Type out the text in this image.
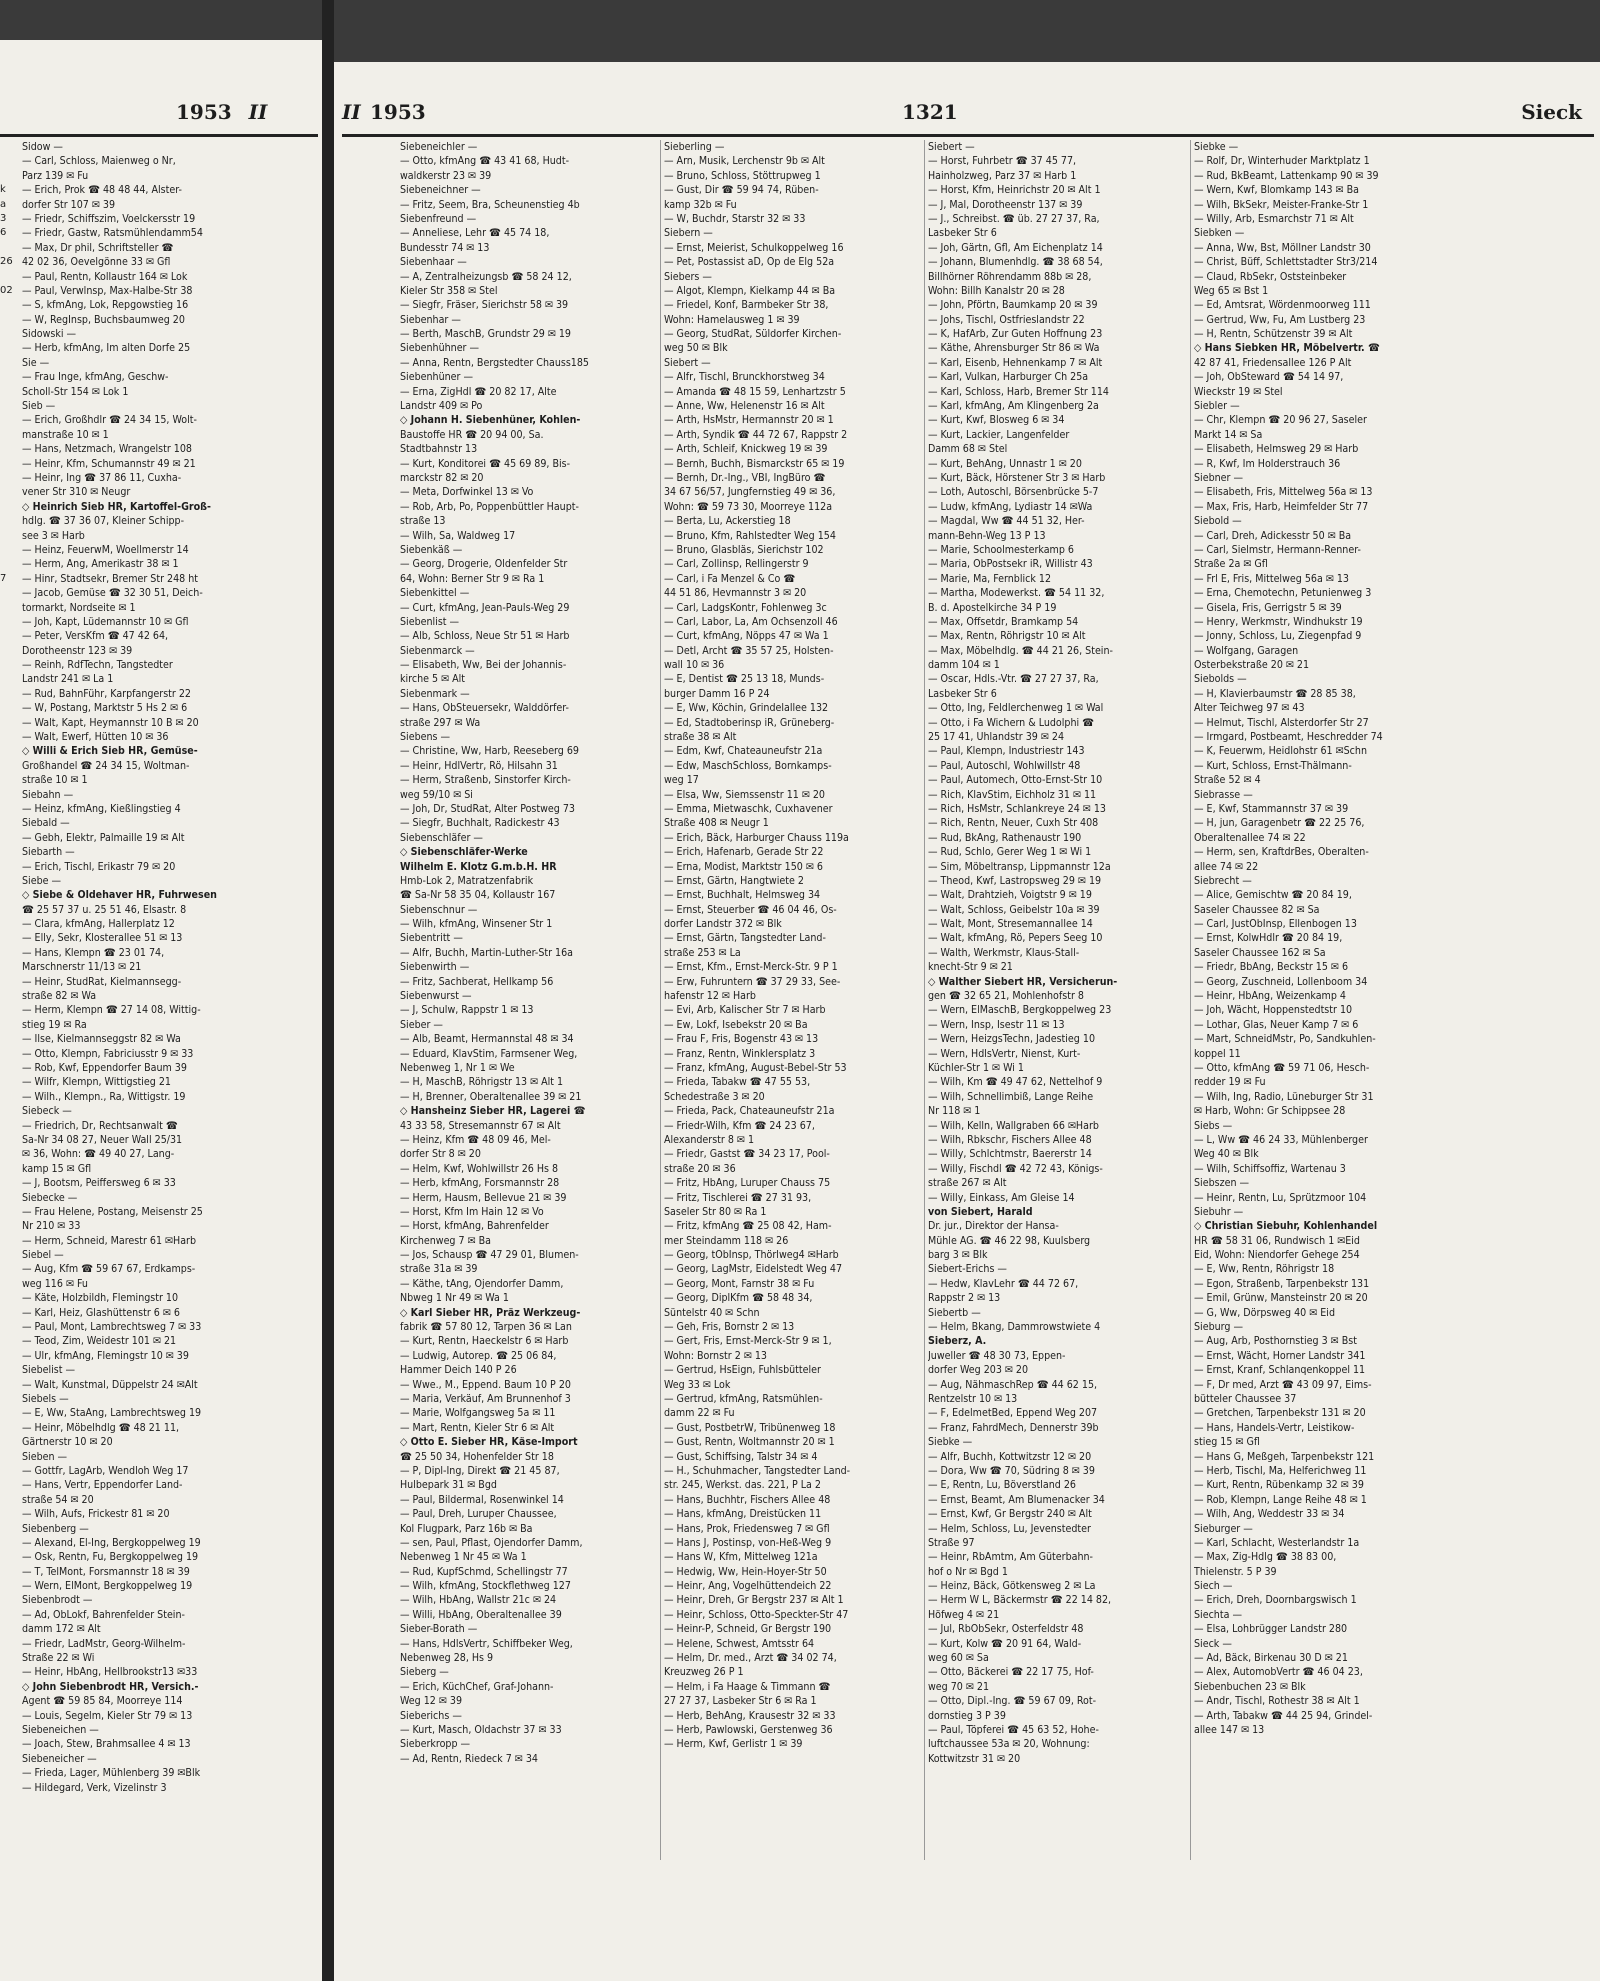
1953 II	II 1953	1321	Sieck
k
a
3
6
26
02
7
Sidow —
— Carl, Schloss, Maienweg o Nr,
Parz 139 ✉ Fu
— Erich, Prok ☎ 48 48 44, Alster-
dorfer Str 107 ✉ 39
— Friedr, Schiffszim, Voelckersstr 19
— Friedr, Gastw, Ratsmühlendamm54
— Max, Dr phil, Schriftsteller ☎
42 02 36, Oevelgönne 33 ✉ Gfl
— Paul, Rentn, Kollaustr 164 ✉ Lok
— Paul, Verwlnsp, Max-Halbe-Str 38
— S, kfmAng, Lok, Repgowstieg 16
— W, RegInsp, Buchsbaumweg 20
Sidowski —
— Herb, kfmAng, Im alten Dorfe 25
Sie —
— Frau Inge, kfmAng, Geschw-
Scholl-Str 154 ✉ Lok 1
Sieb —
— Erich, Großhdlr ☎ 24 34 15, Wolt-
manstraße 10 ✉ 1
— Hans, Netzmach, Wrangelstr 108
— Heinr, Kfm, Schumannstr 49 ✉ 21
— Heinr, Ing ☎ 37 86 11, Cuxha-
vener Str 310 ✉ Neugr
◇ Heinrich Sieb HR, Kartoffel-Groß-
hdlg. ☎ 37 36 07, Kleiner Schipp-
see 3 ✉ Harb
— Heinz, FeuerwM, Woellmerstr 14
— Herm, Ang, Amerikastr 38 ✉ 1
— Hinr, Stadtsekr, Bremer Str 248 ht
— Jacob, Gemüse ☎ 32 30 51, Deich-
tormarkt, Nordseite ✉ 1
— Joh, Kapt, Lüdemannstr 10 ✉ Gfl
— Peter, VersKfm ☎ 47 42 64,
Dorotheenstr 123 ✉ 39
— Reinh, RdfTechn, Tangstedter
Landstr 241 ✉ La 1
— Rud, BahnFühr, Karpfangerstr 22
— W, Postang, Marktstr 5 Hs 2 ✉ 6
— Walt, Kapt, Heymannstr 10 B ✉ 20
— Walt, Ewerf, Hütten 10 ✉ 36
◇ Willi & Erich Sieb HR, Gemüse-
Großhandel ☎ 24 34 15, Woltman-
straße 10 ✉ 1
Siebahn —
— Heinz, kfmAng, Kießlingstieg 4
Siebald —
— Gebh, Elektr, Palmaille 19 ✉ Alt
Siebarth —
— Erich, Tischl, Erikastr 79 ✉ 20
Siebe —
◇ Siebe & Oldehaver HR, Fuhrwesen
☎ 25 57 37 u. 25 51 46, Elsastr. 8
— Clara, kfmAng, Hallerplatz 12
— Elly, Sekr, Klosterallee 51 ✉ 13
— Hans, Klempn ☎ 23 01 74,
Marschnerstr 11/13 ✉ 21
— Heinr, StudRat, Kielmannsegg-
straße 82 ✉ Wa
— Herm, Klempn ☎ 27 14 08, Wittig-
stieg 19 ✉ Ra
— Ilse, Kielmannseggstr 82 ✉ Wa
— Otto, Klempn, Fabriciusstr 9 ✉ 33
— Rob, Kwf, Eppendorfer Baum 39
— Wilfr, Klempn, Wittigstieg 21
— Wilh., Klempn., Ra, Wittigstr. 19
Siebeck —
— Friedrich, Dr, Rechtsanwalt ☎
Sa-Nr 34 08 27, Neuer Wall 25/31
✉ 36, Wohn: ☎ 49 40 27, Lang-
kamp 15 ✉ Gfl
— J, Bootsm, Peiffersweg 6 ✉ 33
Siebecke —
— Frau Helene, Postang, Meisenstr 25
Nr 210 ✉ 33
— Herm, Schneid, Marestr 61 ✉Harb
Siebel —
— Aug, Kfm ☎ 59 67 67, Erdkamps-
weg 116 ✉ Fu
— Käte, Holzbildh, Flemingstr 10
— Karl, Heiz, Glashüttenstr 6 ✉ 6
— Paul, Mont, Lambrechtsweg 7 ✉ 33
— Teod, Zim, Weidestr 101 ✉ 21
— Ulr, kfmAng, Flemingstr 10 ✉ 39
Siebelist —
— Walt, Kunstmal, Düppelstr 24 ✉Alt
Siebels —
— E, Ww, StaAng, Lambrechtsweg 19
— Heinr, Möbelhdlg ☎ 48 21 11,
Gärtnerstr 10 ✉ 20
Sieben —
— Gottfr, LagArb, Wendloh Weg 17
— Hans, Vertr, Eppendorfer Land-
straße 54 ✉ 20
— Wilh, Aufs, Frickestr 81 ✉ 20
Siebenberg —
— Alexand, El-Ing, Bergkoppelweg 19
— Osk, Rentn, Fu, Bergkoppelweg 19
— T, TelMont, Forsmannstr 18 ✉ 39
— Wern, ElMont, Bergkoppelweg 19
Siebenbrodt —
— Ad, ObLokf, Bahrenfelder Stein-
damm 172 ✉ Alt
— Friedr, LadMstr, Georg-Wilhelm-
Straße 22 ✉ Wi
— Heinr, HbAng, Hellbrookstr13 ✉33
◇ John Siebenbrodt HR, Versich.-
Agent ☎ 59 85 84, Moorreye 114
— Louis, Segelm, Kieler Str 79 ✉ 13
Siebeneichen —
— Joach, Stew, Brahmsallee 4 ✉ 13
Siebeneicher —
— Frieda, Lager, Mühlenberg 39 ✉Blk
— Hildegard, Verk, Vizelinstr 3
Siebeneichler —
— Otto, kfmAng ☎ 43 41 68, Hudt-
waldkerstr 23 ✉ 39
Siebeneichner —
— Fritz, Seem, Bra, Scheunenstieg 4b
Siebenfreund —
— Anneliese, Lehr ☎ 45 74 18,
Bundesstr 74 ✉ 13
Siebenhaar —
— A, Zentralheizungsb ☎ 58 24 12,
Kieler Str 358 ✉ Stel
— Siegfr, Fräser, Sierichstr 58 ✉ 39
Siebenhar —
— Berth, MaschB, Grundstr 29 ✉ 19
Siebenhühner —
— Anna, Rentn, Bergstedter Chauss185
Siebenhüner —
— Erna, ZigHdl ☎ 20 82 17, Alte
Landstr 409 ✉ Po
◇ Johann H. Siebenhüner, Kohlen-
Baustoffe HR ☎ 20 94 00, Sa.
Stadtbahnstr 13
— Kurt, Konditorei ☎ 45 69 89, Bis-
marckstr 82 ✉ 20
— Meta, Dorfwinkel 13 ✉ Vo
— Rob, Arb, Po, Poppenbüttler Haupt-
straße 13
— Wilh, Sa, Waldweg 17
Siebenkäß —
— Georg, Drogerie, Oldenfelder Str
64, Wohn: Berner Str 9 ✉ Ra 1
Siebenkittel —
— Curt, kfmAng, Jean-Pauls-Weg 29
Siebenlist —
— Alb, Schloss, Neue Str 51 ✉ Harb
Siebenmarck —
— Elisabeth, Ww, Bei der Johannis-
kirche 5 ✉ Alt
Siebenmark —
— Hans, ObSteuersekr, Walddörfer-
straße 297 ✉ Wa
Siebens —
— Christine, Ww, Harb, Reeseberg 69
— Heinr, HdlVertr, Rö, Hilsahn 31
— Herm, Straßenb, Sinstorfer Kirch-
weg 59/10 ✉ Si
— Joh, Dr, StudRat, Alter Postweg 73
— Siegfr, Buchhalt, Radickestr 43
Siebenschläfer —
◇ Siebenschläfer-Werke
Wilhelm E. Klotz G.m.b.H. HR
Hmb-Lok 2, Matratzenfabrik
☎ Sa-Nr 58 35 04, Kollaustr 167
Siebenschnur —
— Wilh, kfmAng, Winsener Str 1
Siebentritt —
— Alfr, Buchh, Martin-Luther-Str 16a
Siebenwirth —
— Fritz, Sachberat, Hellkamp 56
Siebenwurst —
— J, Schulw, Rappstr 1 ✉ 13
Sieber —
— Alb, Beamt, Hermannstal 48 ✉ 34
— Eduard, KlavStim, Farmsener Weg,
Nebenweg 1, Nr 1 ✉ We
— H, MaschB, Röhrigstr 13 ✉ Alt 1
— H, Brenner, Oberaltenallee 39 ✉ 21
◇ Hansheinz Sieber HR, Lagerei ☎
43 33 58, Stresemannstr 67 ✉ Alt
— Heinz, Kfm ☎ 48 09 46, Mel-
dorfer Str 8 ✉ 20
— Helm, Kwf, Wohlwillstr 26 Hs 8
— Herb, kfmAng, Forsmannstr 28
— Herm, Hausm, Bellevue 21 ✉ 39
— Horst, Kfm Im Hain 12 ✉ Vo
— Horst, kfmAng, Bahrenfelder
Kirchenweg 7 ✉ Ba
— Jos, Schausp ☎ 47 29 01, Blumen-
straße 31a ✉ 39
— Käthe, tAng, Ojendorfer Damm,
Nbweg 1 Nr 49 ✉ Wa 1
◇ Karl Sieber HR, Präz Werkzeug-
fabrik ☎ 57 80 12, Tarpen 36 ✉ Lan
— Kurt, Rentn, Haeckelstr 6 ✉ Harb
— Ludwig, Autorep. ☎ 25 06 84,
Hammer Deich 140 P 26
— Wwe., M., Eppend. Baum 10 P 20
— Maria, Verkäuf, Am Brunnenhof 3
— Marie, Wolfgangsweg 5a ✉ 11
— Mart, Rentn, Kieler Str 6 ✉ Alt
◇ Otto E. Sieber HR, Käse-Import
☎ 25 50 34, Hohenfelder Str 18
— P, Dipl-Ing, Direkt ☎ 21 45 87,
Hulbepark 31 ✉ Bgd
— Paul, Bildermal, Rosenwinkel 14
— Paul, Dreh, Luruper Chaussee,
Kol Flugpark, Parz 16b ✉ Ba
— sen, Paul, Pflast, Ojendorfer Damm,
Nebenweg 1 Nr 45 ✉ Wa 1
— Rud, KupfSchmd, Schellingstr 77
— Wilh, kfmAng, Stockflethweg 127
— Wilh, HbAng, Wallstr 21c ✉ 24
— Willi, HbAng, Oberaltenallee 39
Sieber-Borath —
— Hans, HdlsVertr, Schiffbeker Weg,
Nebenweg 28, Hs 9
Sieberg —
— Erich, KüchChef, Graf-Johann-
Weg 12 ✉ 39
Sieberichs —
— Kurt, Masch, Oldachstr 37 ✉ 33
Sieberkropp —
— Ad, Rentn, Riedeck 7 ✉ 34
Sieberling —
— Arn, Musik, Lerchenstr 9b ✉ Alt
— Bruno, Schloss, Stöttrupweg 1
— Gust, Dir ☎ 59 94 74, Rüben-
kamp 32b ✉ Fu
— W, Buchdr, Starstr 32 ✉ 33
Siebern —
— Ernst, Meierist, Schulkoppelweg 16
— Pet, Postassist aD, Op de Elg 52a
Siebers —
— Algot, Klempn, Kielkamp 44 ✉ Ba
— Friedel, Konf, Barmbeker Str 38,
Wohn: Hamelausweg 1 ✉ 39
— Georg, StudRat, Süldorfer Kirchen-
weg 50 ✉ Blk
Siebert —
— Alfr, Tischl, Brunckhorstweg 34
— Amanda ☎ 48 15 59, Lenhartzstr 5
— Anne, Ww, Helenenstr 16 ✉ Alt
— Arth, HsMstr, Hermannstr 20 ✉ 1
— Arth, Syndik ☎ 44 72 67, Rappstr 2
— Arth, Schleif, Knickweg 19 ✉ 39
— Bernh, Buchh, Bismarckstr 65 ✉ 19
— Bernh, Dr.-Ing., VBI, IngBüro ☎
34 67 56/57, Jungfernstieg 49 ✉ 36,
Wohn: ☎ 59 73 30, Moorreye 112a
— Berta, Lu, Ackerstieg 18
— Bruno, Kfm, Rahlstedter Weg 154
— Bruno, Glasbläs, Sierichstr 102
— Carl, Zollinsp, Rellingerstr 9
— Carl, i Fa Menzel & Co ☎
44 51 86, Hevmannstr 3 ✉ 20
— Carl, LadgsKontr, Fohlenweg 3c
— Carl, Labor, La, Am Ochsenzoll 46
— Curt, kfmAng, Nöpps 47 ✉ Wa 1
— Detl, Archt ☎ 35 57 25, Holsten-
wall 10 ✉ 36
— E, Dentist ☎ 25 13 18, Munds-
burger Damm 16 P 24
— E, Ww, Köchin, Grindelallee 132
— Ed, Stadtoberinsp iR, Grüneberg-
straße 38 ✉ Alt
— Edm, Kwf, Chateauneufstr 21a
— Edw, MaschSchloss, Bornkamps-
weg 17
— Elsa, Ww, Siemssenstr 11 ✉ 20
— Emma, Mietwaschk, Cuxhavener
Straße 408 ✉ Neugr 1
— Erich, Bäck, Harburger Chauss 119a
— Erich, Hafenarb, Gerade Str 22
— Erna, Modist, Marktstr 150 ✉ 6
— Ernst, Gärtn, Hangtwiete 2
— Ernst, Buchhalt, Helmsweg 34
— Ernst, Steuerber ☎ 46 04 46, Os-
dorfer Landstr 372 ✉ Blk
— Ernst, Gärtn, Tangstedter Land-
straße 253 ✉ La
— Ernst, Kfm., Ernst-Merck-Str. 9 P 1
— Erw, Fuhruntern ☎ 37 29 33, See-
hafenstr 12 ✉ Harb
— Evi, Arb, Kalischer Str 7 ✉ Harb
— Ew, Lokf, Isebekstr 20 ✉ Ba
— Frau F, Fris, Bogenstr 43 ✉ 13
— Franz, Rentn, Winklersplatz 3
— Franz, kfmAng, August-Bebel-Str 53
— Frieda, Tabakw ☎ 47 55 53,
Schedestraße 3 ✉ 20
— Frieda, Pack, Chateauneufstr 21a
— Friedr-Wilh, Kfm ☎ 24 23 67,
Alexanderstr 8 ✉ 1
— Friedr, Gastst ☎ 34 23 17, Pool-
straße 20 ✉ 36
— Fritz, HbAng, Luruper Chauss 75
— Fritz, Tischlerei ☎ 27 31 93,
Saseler Str 80 ✉ Ra 1
— Fritz, kfmAng ☎ 25 08 42, Ham-
mer Steindamm 118 ✉ 26
— Georg, tObInsp, Thörlweg4 ✉Harb
— Georg, LagMstr, Eidelstedt Weg 47
— Georg, Mont, Farnstr 38 ✉ Fu
— Georg, DiplKfm ☎ 58 48 34,
Süntelstr 40 ✉ Schn
— Geh, Fris, Bornstr 2 ✉ 13
— Gert, Fris, Ernst-Merck-Str 9 ✉ 1,
Wohn: Bornstr 2 ✉ 13
— Gertrud, HsEign, Fuhlsbütteler
Weg 33 ✉ Lok
— Gertrud, kfmAng, Ratsmühlen-
damm 22 ✉ Fu
— Gust, PostbetrW, Tribünenweg 18
— Gust, Rentn, Woltmannstr 20 ✉ 1
— Gust, Schiffsing, Talstr 34 ✉ 4
— H., Schuhmacher, Tangstedter Land-
str. 245, Werkst. das. 221, P La 2
— Hans, Buchhtr, Fischers Allee 48
— Hans, kfmAng, Dreistücken 11
— Hans, Prok, Friedensweg 7 ✉ Gfl
— Hans J, Postinsp, von-Heß-Weg 9
— Hans W, Kfm, Mittelweg 121a
— Hedwig, Ww, Hein-Hoyer-Str 50
— Heinr, Ang, Vogelhüttendeich 22
— Heinr, Dreh, Gr Bergstr 237 ✉ Alt 1
— Heinr, Schloss, Otto-Speckter-Str 47
— Heinr-P, Schneid, Gr Bergstr 190
— Helene, Schwest, Amtsstr 64
— Helm, Dr. med., Arzt ☎ 34 02 74,
Kreuzweg 26 P 1
— Helm, i Fa Haage & Timmann ☎
27 27 37, Lasbeker Str 6 ✉ Ra 1
— Herb, BehAng, Krausestr 32 ✉ 33
— Herb, Pawlowski, Gerstenweg 36
— Herm, Kwf, Gerlistr 1 ✉ 39
Siebert —
— Horst, Fuhrbetr ☎ 37 45 77,
Hainholzweg, Parz 37 ✉ Harb 1
— Horst, Kfm, Heinrichstr 20 ✉ Alt 1
— J, Mal, Dorotheenstr 137 ✉ 39
— J., Schreibst. ☎ üb. 27 27 37, Ra,
Lasbeker Str 6
— Joh, Gärtn, Gfl, Am Eichenplatz 14
— Johann, Blumenhdlg. ☎ 38 68 54,
Billhörner Röhrendamm 88b ✉ 28,
Wohn: Billh Kanalstr 20 ✉ 28
— John, Pförtn, Baumkamp 20 ✉ 39
— Johs, Tischl, Ostfrieslandstr 22
— K, HafArb, Zur Guten Hoffnung 23
— Käthe, Ahrensburger Str 86 ✉ Wa
— Karl, Eisenb, Hehnenkamp 7 ✉ Alt
— Karl, Vulkan, Harburger Ch 25a
— Karl, Schloss, Harb, Bremer Str 114
— Karl, kfmAng, Am Klingenberg 2a
— Kurt, Kwf, Blosweg 6 ✉ 34
— Kurt, Lackier, Langenfelder
Damm 68 ✉ Stel
— Kurt, BehAng, Unnastr 1 ✉ 20
— Kurt, Bäck, Hörstener Str 3 ✉ Harb
— Loth, Autoschl, Börsenbrücke 5-7
— Ludw, kfmAng, Lydiastr 14 ✉Wa
— Magdal, Ww ☎ 44 51 32, Her-
mann-Behn-Weg 13 P 13
— Marie, Schoolmesterkamp 6
— Maria, ObPostsekr iR, Willistr 43
— Marie, Ma, Fernblick 12
— Martha, Modewerkst. ☎ 54 11 32,
B. d. Apostelkirche 34 P 19
— Max, Offsetdr, Bramkamp 54
— Max, Rentn, Röhrigstr 10 ✉ Alt
— Max, Möbelhdlg. ☎ 44 21 26, Stein-
damm 104 ✉ 1
— Oscar, Hdls.-Vtr. ☎ 27 27 37, Ra,
Lasbeker Str 6
— Otto, Ing, Feldlerchenweg 1 ✉ Wal
— Otto, i Fa Wichern & Ludolphi ☎
25 17 41, Uhlandstr 39 ✉ 24
— Paul, Klempn, Industriestr 143
— Paul, Autoschl, Wohlwillstr 48
— Paul, Automech, Otto-Ernst-Str 10
— Rich, KlavStim, Eichholz 31 ✉ 11
— Rich, HsMstr, Schlankreye 24 ✉ 13
— Rich, Rentn, Neuer, Cuxh Str 408
— Rud, BkAng, Rathenaustr 190
— Rud, Schlo, Gerer Weg 1 ✉ Wi 1
— Sim, Möbeltransp, Lippmannstr 12a
— Theod, Kwf, Lastropsweg 29 ✉ 19
— Walt, Drahtzieh, Voigtstr 9 ✉ 19
— Walt, Schloss, Geibelstr 10a ✉ 39
— Walt, Mont, Stresemannallee 14
— Walt, kfmAng, Rö, Pepers Seeg 10
— Walth, Werkmstr, Klaus-Stall-
knecht-Str 9 ✉ 21
◇ Walther Siebert HR, Versicherun-
gen ☎ 32 65 21, Mohlenhofstr 8
— Wern, ElMaschB, Bergkoppelweg 23
— Wern, Insp, Isestr 11 ✉ 13
— Wern, HeizgsTechn, Jadestieg 10
— Wern, HdlsVertr, Nienst, Kurt-
Küchler-Str 1 ✉ Wi 1
— Wilh, Km ☎ 49 47 62, Nettelhof 9
— Wilh, Schnellimbiß, Lange Reihe
Nr 118 ✉ 1
— Wilh, Kelln, Wallgraben 66 ✉Harb
— Wilh, Rbkschr, Fischers Allee 48
— Willy, Schlchtmstr, Baererstr 14
— Willy, Fischdl ☎ 42 72 43, Königs-
straße 267 ✉ Alt
— Willy, Einkass, Am Gleise 14
von Siebert, Harald
Dr. jur., Direktor der Hansa-
Mühle AG. ☎ 46 22 98, Kuulsberg
barg 3 ✉ Blk
Siebert-Erichs —
— Hedw, KlavLehr ☎ 44 72 67,
Rappstr 2 ✉ 13
Siebertb —
— Helm, Bkang, Dammrowstwiete 4
Sieberz, A.
Juweller ☎ 48 30 73, Eppen-
dorfer Weg 203 ✉ 20
— Aug, NähmaschRep ☎ 44 62 15,
Rentzelstr 10 ✉ 13
— F, EdelmetBed, Eppend Weg 207
— Franz, FahrdMech, Dennerstr 39b
Siebke —
— Alfr, Buchh, Kottwitzstr 12 ✉ 20
— Dora, Ww ☎ 70, Südring 8 ✉ 39
— E, Rentn, Lu, Böverstland 26
— Ernst, Beamt, Am Blumenacker 34
— Ernst, Kwf, Gr Bergstr 240 ✉ Alt
— Helm, Schloss, Lu, Jevenstedter
Straße 97
— Heinr, RbAmtm, Am Güterbahn-
hof o Nr ✉ Bgd 1
— Heinz, Bäck, Götkensweg 2 ✉ La
— Herm W L, Bäckermstr ☎ 22 14 82,
Höfweg 4 ✉ 21
— Jul, RbObSekr, Osterfeldstr 48
— Kurt, Kolw ☎ 20 91 64, Wald-
weg 60 ✉ Sa
— Otto, Bäckerei ☎ 22 17 75, Hof-
weg 70 ✉ 21
— Otto, Dipl.-Ing. ☎ 59 67 09, Rot-
dornstieg 3 P 39
— Paul, Töpferei ☎ 45 63 52, Hohe-
luftchaussee 53a ✉ 20, Wohnung:
Kottwitzstr 31 ✉ 20
Siebke —
— Rolf, Dr, Winterhuder Marktplatz 1
— Rud, BkBeamt, Lattenkamp 90 ✉ 39
— Wern, Kwf, Blomkamp 143 ✉ Ba
— Wilh, BkSekr, Meister-Franke-Str 1
— Willy, Arb, Esmarchstr 71 ✉ Alt
Siebken —
— Anna, Ww, Bst, Möllner Landstr 30
— Christ, Büff, Schlettstadter Str3/214
— Claud, RbSekr, Oststeinbeker
Weg 65 ✉ Bst 1
— Ed, Amtsrat, Wördenmoorweg 111
— Gertrud, Ww, Fu, Am Lustberg 23
— H, Rentn, Schützenstr 39 ✉ Alt
◇ Hans Siebken HR, Möbelvertr. ☎
42 87 41, Friedensallee 126 P Alt
— Joh, ObSteward ☎ 54 14 97,
Wieckstr 19 ✉ Stel
Siebler —
— Chr, Klempn ☎ 20 96 27, Saseler
Markt 14 ✉ Sa
— Elisabeth, Helmsweg 29 ✉ Harb
— R, Kwf, Im Holderstrauch 36
Siebner —
— Elisabeth, Fris, Mittelweg 56a ✉ 13
— Max, Fris, Harb, Heimfelder Str 77
Siebold —
— Carl, Dreh, Adickesstr 50 ✉ Ba
— Carl, Sielmstr, Hermann-Renner-
Straße 2a ✉ Gfl
— Frl E, Fris, Mittelweg 56a ✉ 13
— Erna, Chemotechn, Petunienweg 3
— Gisela, Fris, Gerrigstr 5 ✉ 39
— Henry, Werkmstr, Windhukstr 19
— Jonny, Schloss, Lu, Ziegenpfad 9
— Wolfgang, Garagen
Osterbekstraße 20 ✉ 21
Siebolds —
— H, Klavierbaumstr ☎ 28 85 38,
Alter Teichweg 97 ✉ 43
— Helmut, Tischl, Alsterdorfer Str 27
— Irmgard, Postbeamt, Heschredder 74
— K, Feuerwm, Heidlohstr 61 ✉Schn
— Kurt, Schloss, Ernst-Thälmann-
Straße 52 ✉ 4
Siebrasse —
— E, Kwf, Stammannstr 37 ✉ 39
— H, jun, Garagenbetr ☎ 22 25 76,
Oberaltenallee 74 ✉ 22
— Herm, sen, KraftdrBes, Oberalten-
allee 74 ✉ 22
Siebrecht —
— Alice, Gemischtw ☎ 20 84 19,
Saseler Chaussee 82 ✉ Sa
— Carl, JustObInsp, Ellenbogen 13
— Ernst, KolwHdlr ☎ 20 84 19,
Saseler Chaussee 162 ✉ Sa
— Friedr, BbAng, Beckstr 15 ✉ 6
— Georg, Zuschneid, Lollenboom 34
— Heinr, HbAng, Weizenkamp 4
— Joh, Wächt, Hoppenstedtstr 10
— Lothar, Glas, Neuer Kamp 7 ✉ 6
— Mart, SchneidMstr, Po, Sandkuhlen-
koppel 11
— Otto, kfmAng ☎ 59 71 06, Hesch-
redder 19 ✉ Fu
— Wilh, Ing, Radio, Lüneburger Str 31
✉ Harb, Wohn: Gr Schippsee 28
Siebs —
— L, Ww ☎ 46 24 33, Mühlenberger
Weg 40 ✉ Blk
— Wilh, Schiffsoffiz, Wartenau 3
Siebszen —
— Heinr, Rentn, Lu, Sprützmoor 104
Siebuhr —
◇ Christian Siebuhr, Kohlenhandel
HR ☎ 58 31 06, Rundwisch 1 ✉Eid
Eid, Wohn: Niendorfer Gehege 254
— E, Ww, Rentn, Röhrigstr 18
— Egon, Straßenb, Tarpenbekstr 131
— Emil, Grünw, Mansteinstr 20 ✉ 20
— G, Ww, Dörpsweg 40 ✉ Eid
Sieburg —
— Aug, Arb, Posthornstieg 3 ✉ Bst
— Ernst, Wächt, Horner Landstr 341
— Ernst, Kranf, Schlanqenkoppel 11
— F, Dr med, Arzt ☎ 43 09 97, Eims-
bütteler Chaussee 37
— Gretchen, Tarpenbekstr 131 ✉ 20
— Hans, Handels-Vertr, Leistikow-
stieg 15 ✉ Gfl
— Hans G, Meßgeh, Tarpenbekstr 121
— Herb, Tischl, Ma, Helferichweg 11
— Kurt, Rentn, Rübenkamp 32 ✉ 39
— Rob, Klempn, Lange Reihe 48 ✉ 1
— Wilh, Ang, Weddestr 33 ✉ 34
Sieburger —
— Karl, Schlacht, Westerlandstr 1a
— Max, Zig-Hdlg ☎ 38 83 00,
Thielenstr. 5 P 39
Siech —
— Erich, Dreh, Doornbargswisch 1
Siechta —
— Elsa, Lohbrügger Landstr 280
Sieck —
— Ad, Bäck, Birkenau 30 D ✉ 21
— Alex, AutomobVertr ☎ 46 04 23,
Siebenbuchen 23 ✉ Blk
— Andr, Tischl, Rothestr 38 ✉ Alt 1
— Arth, Tabakw ☎ 44 25 94, Grindel-
allee 147 ✉ 13
